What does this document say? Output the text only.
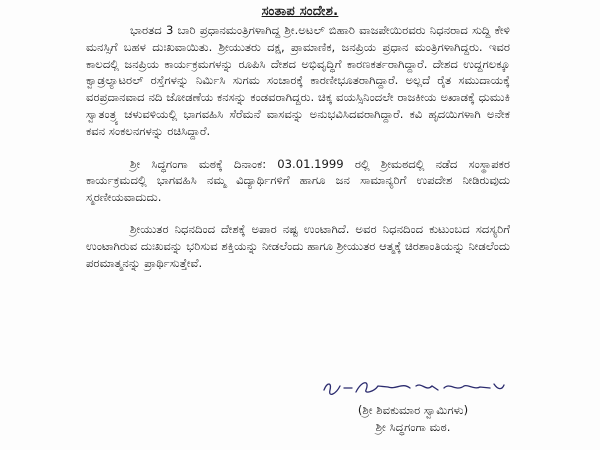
ಸಂತಾಪ ಸಂದೇಶ.

ಭಾರತದ 3 ಬಾರಿ ಪ್ರಧಾನಮಂತ್ರಿಗಳಾಗಿದ್ದ ಶ್ರೀ.ಅಟಲ್ ಬಿಹಾರಿ ವಾಜಪೇಯಿರವರು ನಿಧನರಾದ ಸುದ್ದಿ ಕೇಳಿ ಮನಸ್ಸಿಗೆ ಬಹಳ ದುಃಖವಾಯಿತು. ಶ್ರೀಯುತರು ದಕ್ಷ, ಪ್ರಾಮಾಣಿಕ, ಜನಪ್ರಿಯ ಪ್ರಧಾನ ಮಂತ್ರಿಗಳಾಗಿದ್ದರು. ಇವರ ಕಾಲದಲ್ಲಿ ಜನಪ್ರಿಯ ಕಾರ್ಯಕ್ರಮಗಳನ್ನು ರೂಪಿಸಿ ದೇಶದ ಅಭಿವೃದ್ಧಿಗೆ ಕಾರಣಕರ್ತರಾಗಿದ್ದಾರೆ. ದೇಶದ ಉದ್ದಗಲಕ್ಕೂ ಕ್ವಾಡ್ರಲ್ಯಾಟರಲ್ ರಸ್ತೆಗಳನ್ನು ನಿರ್ಮಿಸಿ ಸುಗಮ ಸಂಚಾರಕ್ಕೆ ಕಾರಣೀಭೂತರಾಗಿದ್ದಾರೆ. ಅಲ್ಲದೆ ರೈತ ಸಮುದಾಯಕ್ಕೆ ವರಪ್ರದಾನವಾದ ನದಿ ಜೋಡಣೆಯ ಕನಸನ್ನು ಕಂಡವರಾಗಿದ್ದರು. ಚಿಕ್ಕ ವಯಸ್ಸಿನಿಂದಲೇ ರಾಜಕೀಯ ಅಖಾಡಕ್ಕೆ ಧುಮುಕಿ ಸ್ವಾತಂತ್ರ್ಯ ಚಳುವಳಿಯಲ್ಲಿ ಭಾಗವಹಿಸಿ ಸೆರೆಮನೆ ವಾಸವನ್ನು ಅನುಭವಿಸಿದವರಾಗಿದ್ದಾರೆ. ಕವಿ ಹೃದಯಿಗಳಾಗಿ ಅನೇಕ ಕವನ ಸಂಕಲನಗಳನ್ನು ರಚಿಸಿದ್ದಾರೆ.

ಶ್ರೀ ಸಿದ್ಧಗಂಗಾ ಮಠಕ್ಕೆ ದಿನಾಂಕ: 03.01.1999 ರಲ್ಲಿ ಶ್ರೀಮಠದಲ್ಲಿ ನಡೆದ ಸಂಸ್ಥಾಪಕರ ಕಾರ್ಯಕ್ರಮದಲ್ಲಿ ಭಾಗವಹಿಸಿ ನಮ್ಮ ವಿದ್ಯಾರ್ಥಿಗಳಿಗೆ ಹಾಗೂ ಜನ ಸಾಮಾನ್ಯರಿಗೆ ಉಪದೇಶ ನೀಡಿರುವುದು ಸ್ಮರಣೀಯವಾದುದು.

ಶ್ರೀಯುತರ ನಿಧನದಿಂದ ದೇಶಕ್ಕೆ ಅಪಾರ ನಷ್ಟ ಉಂಟಾಗಿದೆ. ಅವರ ನಿಧನದಿಂದ ಕುಟುಂಬದ ಸದಸ್ಯರಿಗೆ ಉಂಟಾಗಿರುವ ದುಃಖವನ್ನು ಭರಿಸುವ ಶಕ್ತಿಯನ್ನು ನೀಡಲೆಂದು ಹಾಗೂ ಶ್ರೀಯುತರ ಆತ್ಮಕ್ಕೆ ಚಿರಶಾಂತಿಯನ್ನು ನೀಡಲೆಂದು ಪರಮಾತ್ಮನನ್ನು ಪ್ರಾರ್ಥಿಸುತ್ತೇವೆ.

(ಶ್ರೀ ಶಿವಕುಮಾರ ಸ್ವಾಮಿಗಳು)
ಶ್ರೀ ಸಿದ್ಧಗಂಗಾ ಮಠ.
